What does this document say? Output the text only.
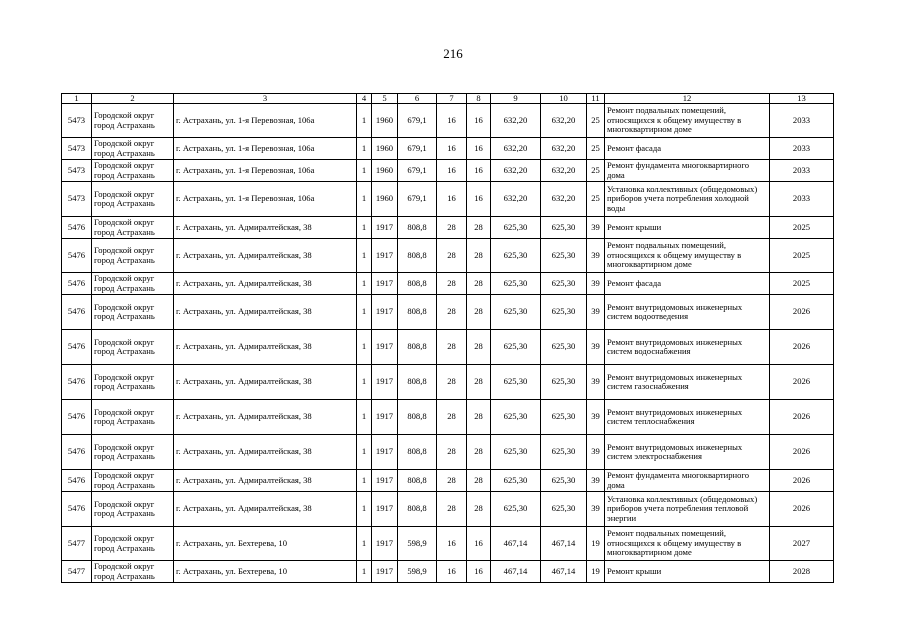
216
1	2	3	4	5	6	7	8	9	10	11	12	13
5473	Городской округ город Астрахань	г. Астрахань, ул. 1-я Перевозная, 106а	1	1960	679,1	16	16	632,20	632,20	25	Ремонт подвальных помещений, относящихся к общему имуществу в многоквартирном доме	2033
5473	Городской округ город Астрахань	г. Астрахань, ул. 1-я Перевозная, 106а	1	1960	679,1	16	16	632,20	632,20	25	Ремонт фасада	2033
5473	Городской округ город Астрахань	г. Астрахань, ул. 1-я Перевозная, 106а	1	1960	679,1	16	16	632,20	632,20	25	Ремонт фундамента многоквартирного дома	2033
5473	Городской округ город Астрахань	г. Астрахань, ул. 1-я Перевозная, 106а	1	1960	679,1	16	16	632,20	632,20	25	Установка коллективных (общедомовых) приборов учета потребления холодной воды	2033
5476	Городской округ город Астрахань	г. Астрахань, ул. Адмиралтейская, 38	1	1917	808,8	28	28	625,30	625,30	39	Ремонт крыши	2025
5476	Городской округ город Астрахань	г. Астрахань, ул. Адмиралтейская, 38	1	1917	808,8	28	28	625,30	625,30	39	Ремонт подвальных помещений, относящихся к общему имуществу в многоквартирном доме	2025
5476	Городской округ город Астрахань	г. Астрахань, ул. Адмиралтейская, 38	1	1917	808,8	28	28	625,30	625,30	39	Ремонт фасада	2025
5476	Городской округ город Астрахань	г. Астрахань, ул. Адмиралтейская, 38	1	1917	808,8	28	28	625,30	625,30	39	Ремонт внутридомовых инженерных систем водоотведения	2026
5476	Городской округ город Астрахань	г. Астрахань, ул. Адмиралтейская, 38	1	1917	808,8	28	28	625,30	625,30	39	Ремонт внутридомовых инженерных систем водоснабжения	2026
5476	Городской округ город Астрахань	г. Астрахань, ул. Адмиралтейская, 38	1	1917	808,8	28	28	625,30	625,30	39	Ремонт внутридомовых инженерных систем газоснабжения	2026
5476	Городской округ город Астрахань	г. Астрахань, ул. Адмиралтейская, 38	1	1917	808,8	28	28	625,30	625,30	39	Ремонт внутридомовых инженерных систем теплоснабжения	2026
5476	Городской округ город Астрахань	г. Астрахань, ул. Адмиралтейская, 38	1	1917	808,8	28	28	625,30	625,30	39	Ремонт внутридомовых инженерных систем электроснабжения	2026
5476	Городской округ город Астрахань	г. Астрахань, ул. Адмиралтейская, 38	1	1917	808,8	28	28	625,30	625,30	39	Ремонт фундамента многоквартирного дома	2026
5476	Городской округ город Астрахань	г. Астрахань, ул. Адмиралтейская, 38	1	1917	808,8	28	28	625,30	625,30	39	Установка коллективных (общедомовых) приборов учета потребления тепловой энергии	2026
5477	Городской округ город Астрахань	г. Астрахань, ул. Бехтерева, 10	1	1917	598,9	16	16	467,14	467,14	19	Ремонт подвальных помещений, относящихся к общему имуществу в многоквартирном доме	2027
5477	Городской округ город Астрахань	г. Астрахань, ул. Бехтерева, 10	1	1917	598,9	16	16	467,14	467,14	19	Ремонт крыши	2028
